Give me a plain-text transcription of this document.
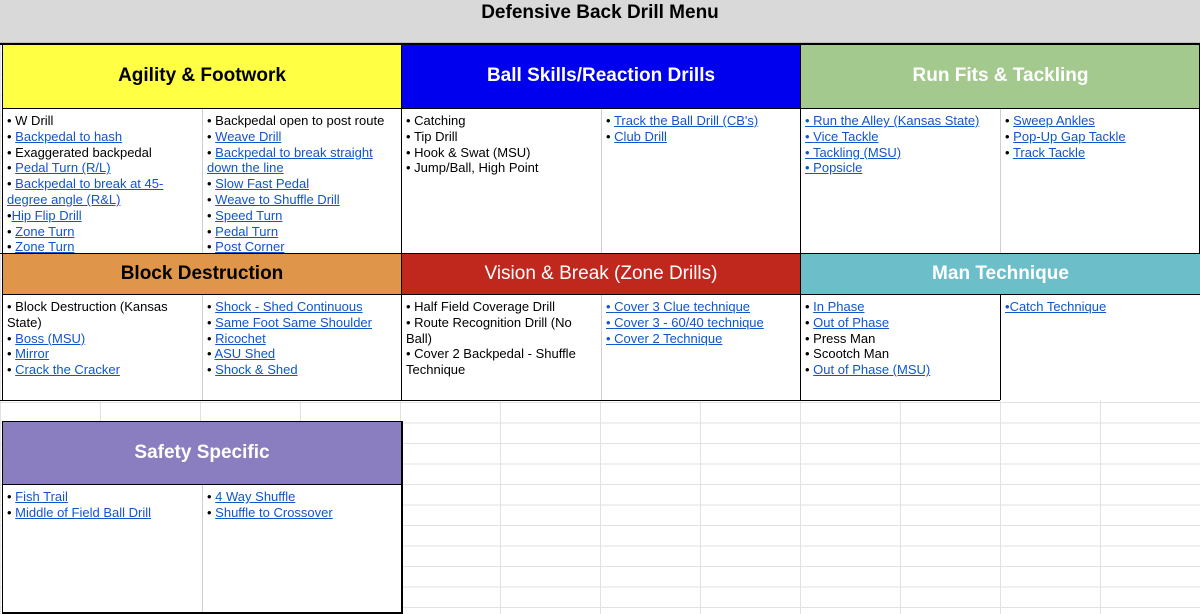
Defensive Back Drill Menu
Agility & Footwork
• W Drill
• Backpedal to hash
• Exaggerated backpedal
• Pedal Turn (R/L)
• Backpedal to break at 45-degree angle (R&L)
•Hip Flip Drill
• Zone Turn
• Zone Turn
• Backpedal open to post route
• Weave Drill
• Backpedal to break straight down the line
• Slow Fast Pedal
• Weave to Shuffle Drill
• Speed Turn
• Pedal Turn
• Post Corner
Ball Skills/Reaction Drills
• Catching
• Tip Drill
• Hook & Swat (MSU)
• Jump/Ball, High Point
• Track the Ball Drill (CB's)
• Club Drill
Run Fits & Tackling
• Run the Alley (Kansas State)
• Vice Tackle
• Tackling (MSU)
• Popsicle
• Sweep Ankles
• Pop-Up Gap Tackle
• Track Tackle
Block Destruction
• Block Destruction (Kansas State)
• Boss (MSU)
• Mirror
• Crack the Cracker
• Shock - Shed Continuous
• Same Foot Same Shoulder
• Ricochet
• ASU Shed
• Shock & Shed
Vision & Break (Zone Drills)
• Half Field Coverage Drill
• Route Recognition Drill (No Ball)
• Cover 2 Backpedal - Shuffle Technique
• Cover 3 Clue technique
• Cover 3 - 60/40 technique
• Cover 2 Technique
Man Technique
• In Phase
• Out of Phase
• Press Man
• Scootch Man
• Out of Phase (MSU)
•Catch Technique
Safety Specific
• Fish Trail
• Middle of Field Ball Drill
• 4 Way Shuffle
• Shuffle to Crossover
